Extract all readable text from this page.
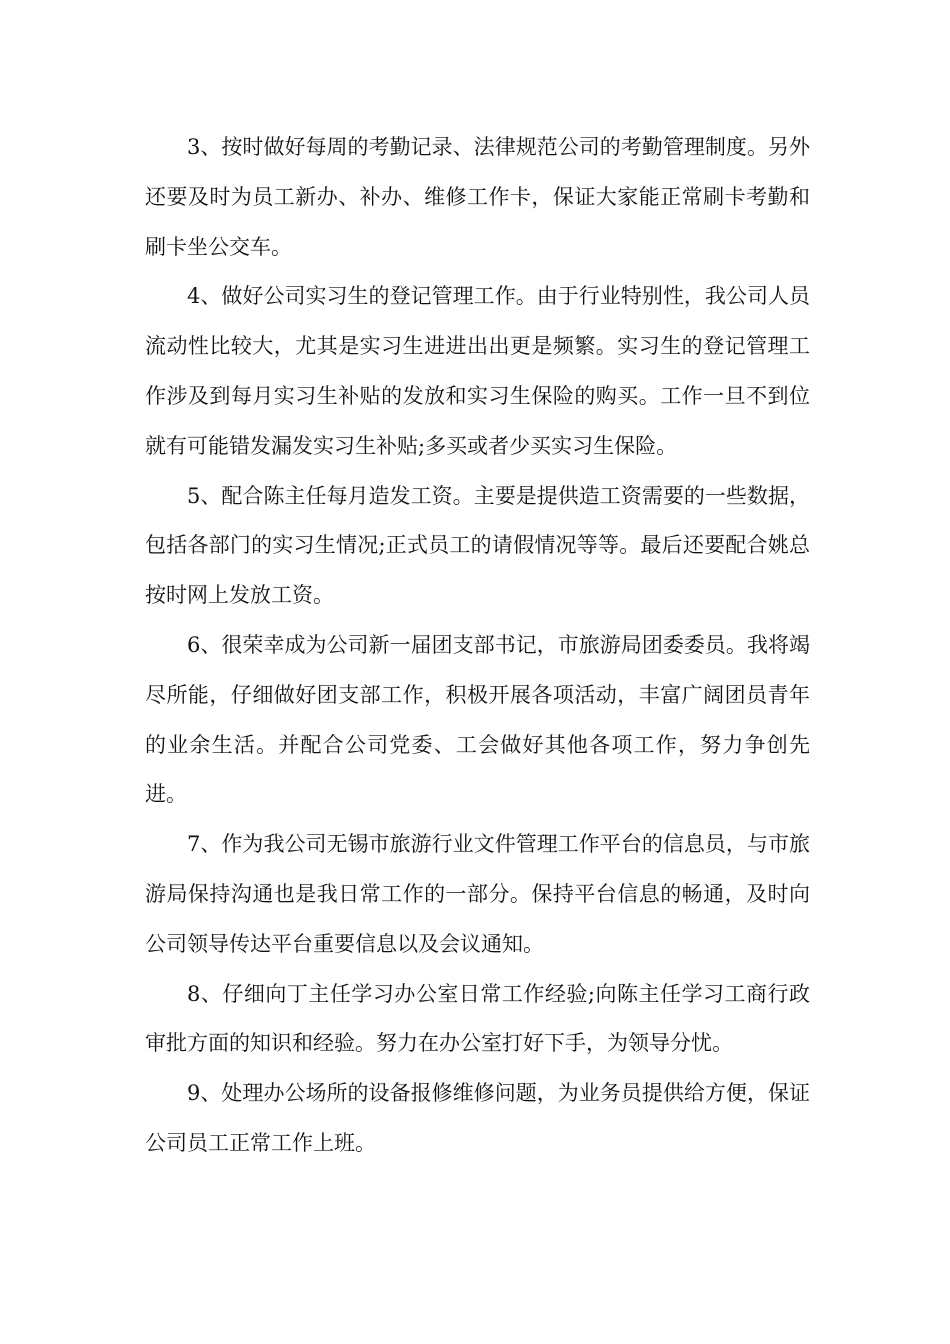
3、按时做好每周的考勤记录、法律规范公司的考勤管理制度。另外还要及时为员工新办、补办、维修工作卡，保证大家能正常刷卡考勤和刷卡坐公交车。

4、做好公司实习生的登记管理工作。由于行业特别性，我公司人员流动性比较大，尤其是实习生进进出出更是频繁。实习生的登记管理工作涉及到每月实习生补贴的发放和实习生保险的购买。工作一旦不到位就有可能错发漏发实习生补贴;多买或者少买实习生保险。

5、配合陈主任每月造发工资。主要是提供造工资需要的一些数据，包括各部门的实习生情况;正式员工的请假情况等等。最后还要配合姚总按时网上发放工资。

6、很荣幸成为公司新一届团支部书记，市旅游局团委委员。我将竭尽所能，仔细做好团支部工作，积极开展各项活动，丰富广阔团员青年的业余生活。并配合公司党委、工会做好其他各项工作，努力争创先进。

7、作为我公司无锡市旅游行业文件管理工作平台的信息员，与市旅游局保持沟通也是我日常工作的一部分。保持平台信息的畅通，及时向公司领导传达平台重要信息以及会议通知。

8、仔细向丁主任学习办公室日常工作经验;向陈主任学习工商行政审批方面的知识和经验。努力在办公室打好下手，为领导分忧。

9、处理办公场所的设备报修维修问题，为业务员提供给方便，保证公司员工正常工作上班。
